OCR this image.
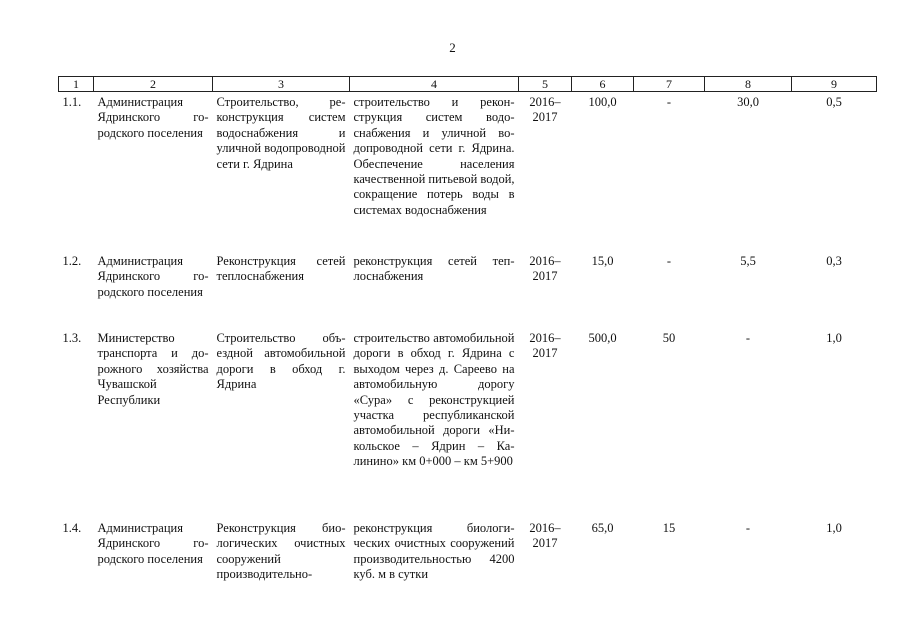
2
1	2	3	4	5	6	7	8	9
1.1.	Администрация Ядринского городского поселения	Строительство, реконструкция систем водоснабжения и уличной водопроводной сети г. Ядрина	строительство и реконструкция систем водоснабжения и уличной водопроводной сети г. Ядрина. Обеспечение населения качественной питьевой водой, сокращение потерь воды в системах водоснабжения	2016–2017	100,0	-	30,0	0,5
1.2.	Администрация Ядринского городского поселения	Реконструкция сетей теплоснабжения	реконструкция сетей теплоснабжения	2016–2017	15,0	-	5,5	0,3
1.3.	Министерство транспорта и дорожного хозяйства Чувашской Республики	Строительство объездной автомобильной дороги в обход г. Ядрина	строительство автомобильной дороги в обход г. Ядрина с выходом через д. Сареево на автомобильную дорогу «Сура» с реконструкцией участка республиканской автомобильной дороги «Никольское – Ядрин – Калинино» км 0+000 – км 5+900	2016–2017	500,0	50	-	1,0
1.4.	Администрация Ядринского городского поселения	Реконструкция биологических очистных сооружений производительно-	реконструкция биологических очистных сооружений производительностью 4200 куб. м в сутки	2016–2017	65,0	15	-	1,0
